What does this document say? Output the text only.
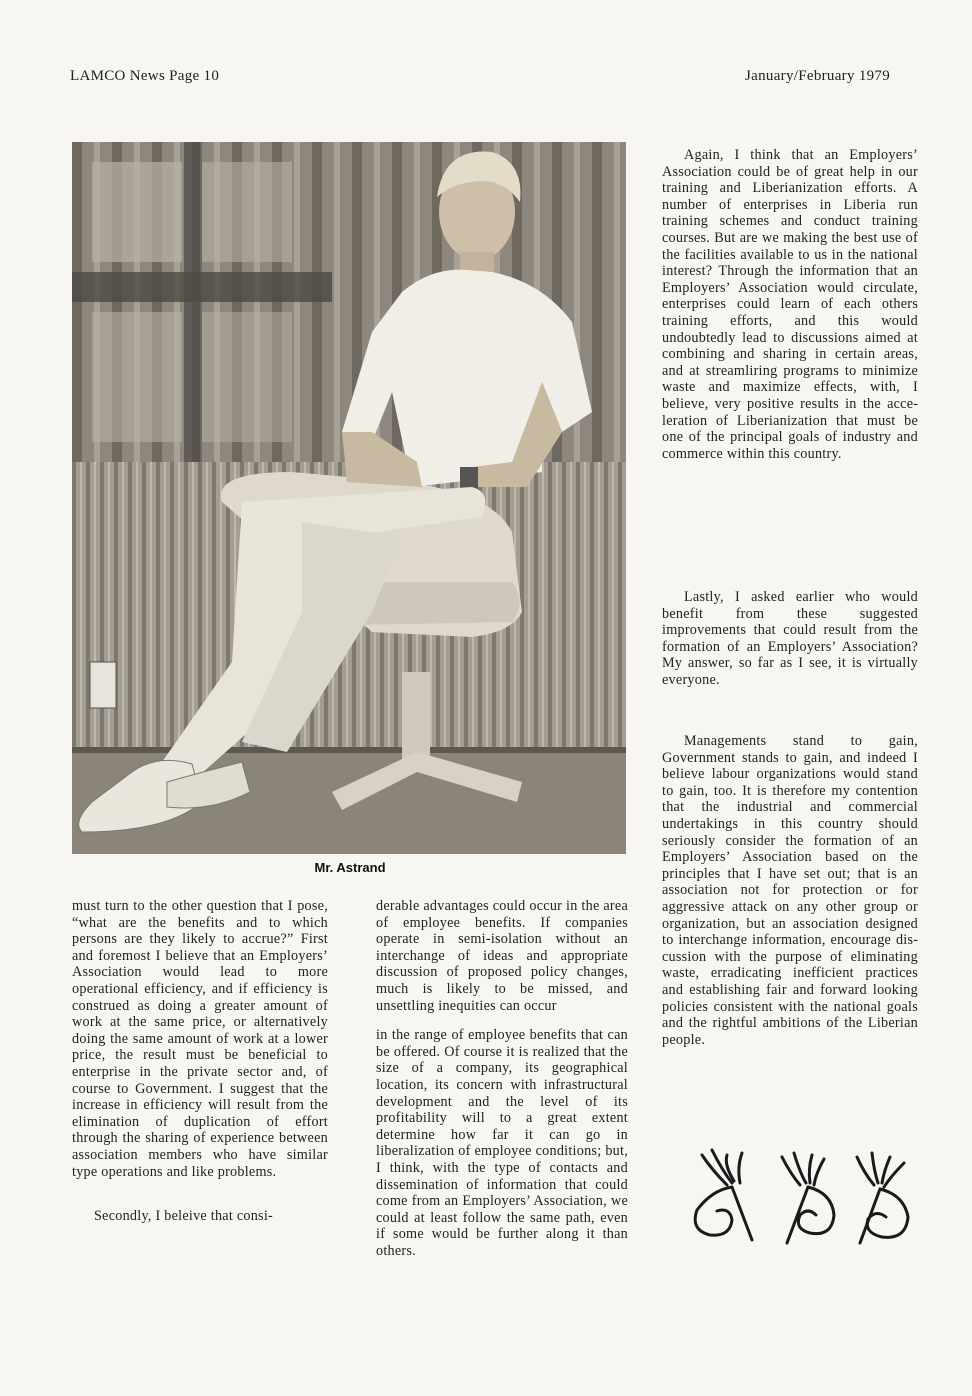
LAMCO News Page 10	January/February 1979
Mr. Astrand

must turn to the other question that I pose, “what are the benefits and to which persons are they likely to accrue?” First and foremost I believe that an Employers’ Association would lead to more operational efficiency, and if efficiency is construed as doing a greater amount of work at the same price, or alternatively doing the same amount of work at a lower price, the result must be beneficial to enterprise in the private sector and, of course to Government. I suggest that the increase in efficiency will result from the elimination of duplication of effort through the sharing of experience between association members who have similar type operations and like problems.

Secondly, I beleive that consi-

derable advantages could occur in the area of employee benefits. If companies operate in semi-isolation without an interchange of ideas and appropriate discussion of proposed policy changes, much is likely to be missed, and unsettling inequities can occur

in the range of employee benefits that can be offered. Of course it is realized that the size of a company, its geographical location, its concern with infrastructural development and the level of its profitability will to a great extent determine how far it can go in liberalization of employee conditions; but, I think, with the type of contacts and dissemination of information that could come from an Employers’ Association, we could at least follow the same path, even if some would be further along it than others.

Again, I think that an Employers’ Association could be of great help in our training and Liberianization efforts. A number of enterprises in Liberia run training schemes and conduct training courses. But are we making the best use of the facilities available to us in the national interest? Through the information that an Employers’ Association would circulate, enterprises could learn of each others training efforts, and this would undoubtedly lead to discussions aimed at combining and sharing in certain areas, and at streamliring programs to minimize waste and maximize effects, with, I believe, very positive results in the acceleration of Liberianization that must be one of the principal goals of industry and commerce within this country.

Lastly, I asked earlier who would benefit from these suggested improvements that could result from the formation of an Employers’ Association? My answer, so far as I see, it is virtually everyone.

Managements stand to gain, Government stands to gain, and indeed I believe labour organizations would stand to gain, too. It is therefore my contention that the industrial and commercial undertakings in this country should seriously consider the formation of an Employers’ Association based on the principles that I have set out; that is an association not for protection or for aggressive attack on any other group or organization, but an association designed to interchange information, encourage discussion with the purpose of eliminating waste, erradicating inefficient practices and establishing fair and forward looking policies consistent with the national goals and the rightful ambitions of the Liberian people.
